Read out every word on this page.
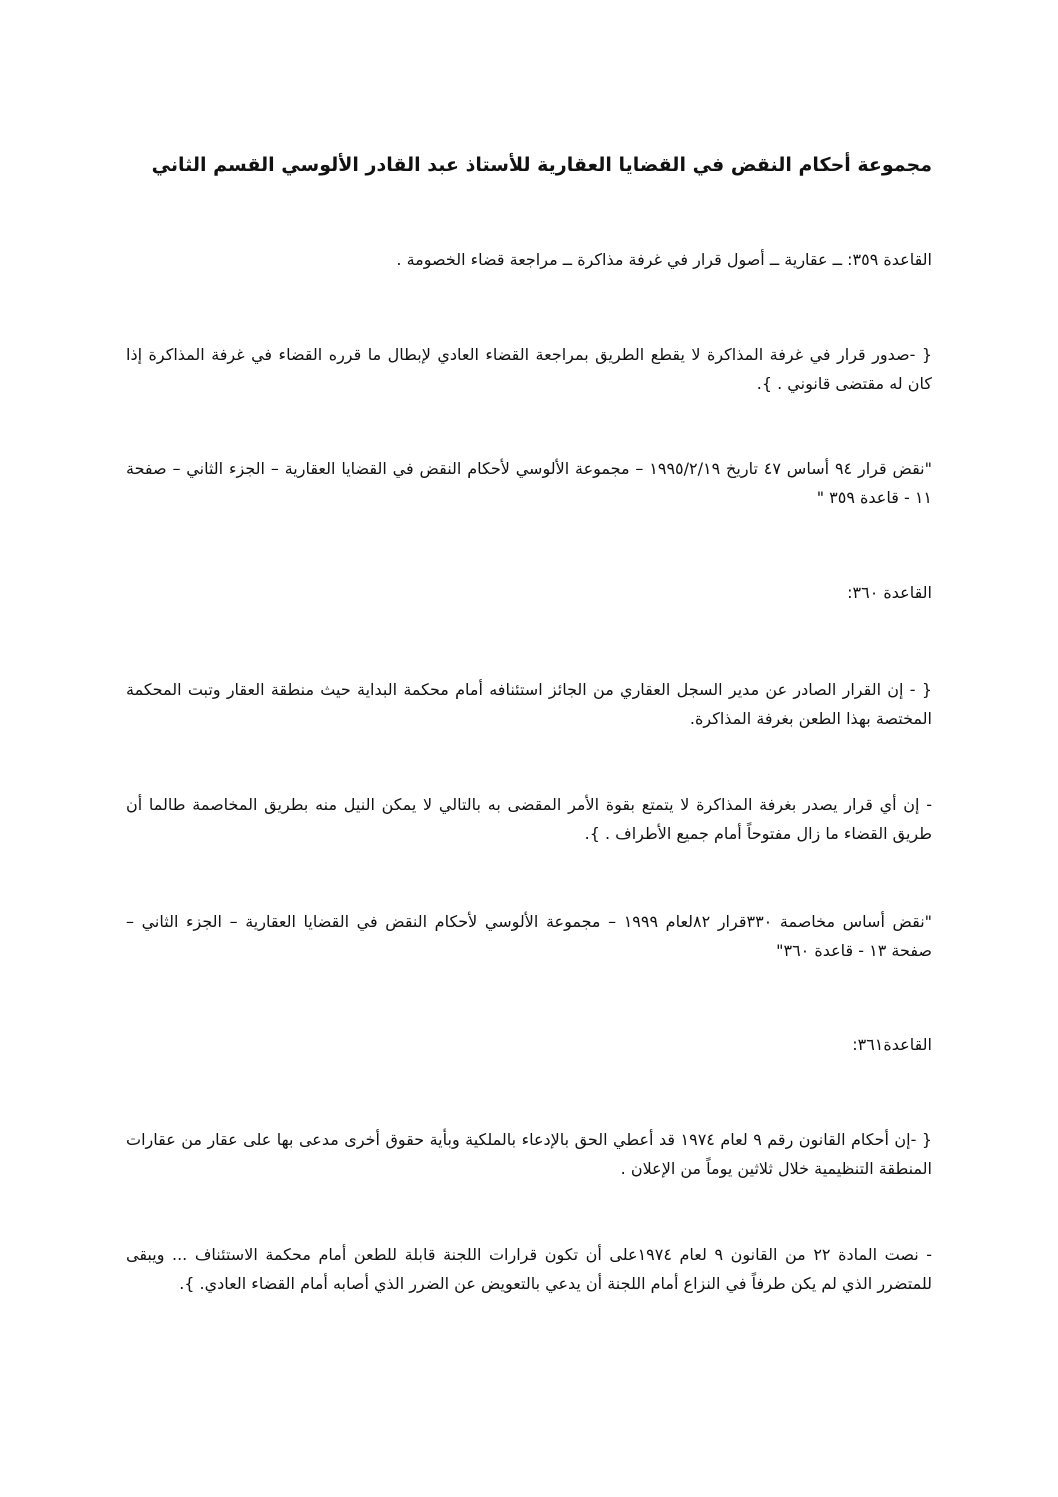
مجموعة أحكام النقض في القضايا العقارية للأستاذ عبد القادر الألوسي القسم الثاني

القاعدة ٣٥٩: ــ عقارية ــ أصول قرار في غرفة مذاكرة ــ مراجعة قضاء الخصومة .

{ -صدور قرار في غرفة المذاكرة لا يقطع الطريق بمراجعة القضاء العادي لإبطال ما قرره القضاء في غرفة المذاكرة إذا كان له مقتضى قانوني . }.

"نقض قرار ٩٤ أساس ٤٧ تاريخ ١٩٩٥/٢/١٩ – مجموعة الألوسي لأحكام النقض في القضايا العقارية – الجزء الثاني – صفحة ١١ - قاعدة ٣٥٩ "

القاعدة ٣٦٠:

{ - إن القرار الصادر عن مدير السجل العقاري من الجائز استئنافه أمام محكمة البداية حيث منطقة العقار وتبت المحكمة المختصة بهذا الطعن بغرفة المذاكرة.

- إن أي قرار يصدر بغرفة المذاكرة لا يتمتع بقوة الأمر المقضى به بالتالي لا يمكن النيل منه بطريق المخاصمة طالما أن طريق القضاء ما زال مفتوحاً أمام جميع الأطراف . }.

"نقض أساس مخاصمة ٣٣٠قرار ٨٢لعام ١٩٩٩ – مجموعة الألوسي لأحكام النقض في القضايا العقارية – الجزء الثاني – صفحة ١٣ - قاعدة ٣٦٠"

القاعدة٣٦١:

{ -إن أحكام القانون رقم ٩ لعام ١٩٧٤ قد أعطي الحق بالإدعاء بالملكية وبأية حقوق أخرى مدعى بها على عقار من عقارات المنطقة التنظيمية خلال ثلاثين يوماً من الإعلان .

- نصت المادة ٢٢ من القانون ٩ لعام ١٩٧٤على أن تكون قرارات اللجنة قابلة للطعن أمام محكمة الاستئناف ... ويبقى للمتضرر الذي لم يكن طرفاً في النزاع أمام اللجنة أن يدعي بالتعويض عن الضرر الذي أصابه أمام القضاء العادي. }.
